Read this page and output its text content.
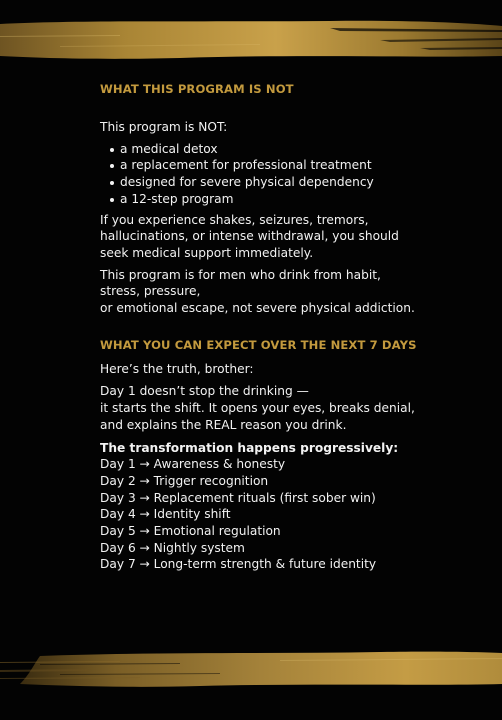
WHAT THIS PROGRAM IS NOT

This program is NOT:

a medical detox
a replacement for professional treatment
designed for severe physical dependency
a 12-step program

If you experience shakes, seizures, tremors,
hallucinations, or intense withdrawal, you should
seek medical support immediately.

This program is for men who drink from habit,
stress, pressure,
or emotional escape, not severe physical addiction.

WHAT YOU CAN EXPECT OVER THE NEXT 7 DAYS

Here’s the truth, brother:

Day 1 doesn’t stop the drinking —
it starts the shift. It opens your eyes, breaks denial,
and explains the REAL reason you drink.

The transformation happens progressively:

Day 1 → Awareness & honesty
Day 2 → Trigger recognition
Day 3 → Replacement rituals (first sober win)
Day 4 → Identity shift
Day 5 → Emotional regulation
Day 6 → Nightly system
Day 7 → Long-term strength & future identity
